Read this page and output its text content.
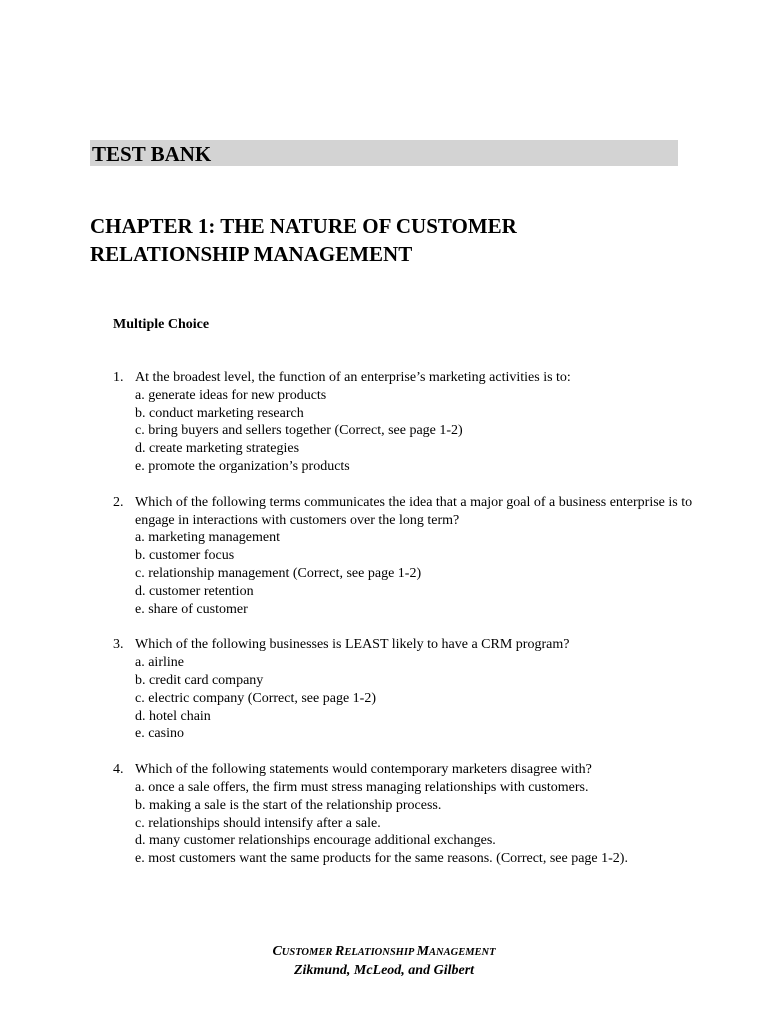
TEST BANK
CHAPTER 1: THE NATURE OF CUSTOMER
RELATIONSHIP MANAGEMENT
Multiple Choice
1. At the broadest level, the function of an enterprise’s marketing activities is to:
a. generate ideas for new products
b. conduct marketing research
c. bring buyers and sellers together (Correct, see page 1-2)
d. create marketing strategies
e. promote the organization’s products
2. Which of the following terms communicates the idea that a major goal of a business enterprise is to engage in interactions with customers over the long term?
a. marketing management
b. customer focus
c. relationship management (Correct, see page 1-2)
d. customer retention
e. share of customer
3. Which of the following businesses is LEAST likely to have a CRM program?
a. airline
b. credit card company
c. electric company (Correct, see page 1-2)
d. hotel chain
e. casino
4. Which of the following statements would contemporary marketers disagree with?
a. once a sale offers, the firm must stress managing relationships with customers.
b. making a sale is the start of the relationship process.
c. relationships should intensify after a sale.
d. many customer relationships encourage additional exchanges.
e. most customers want the same products for the same reasons. (Correct, see page 1-2).
CUSTOMER RELATIONSHIP MANAGEMENT
Zikmund, McLeod, and Gilbert
